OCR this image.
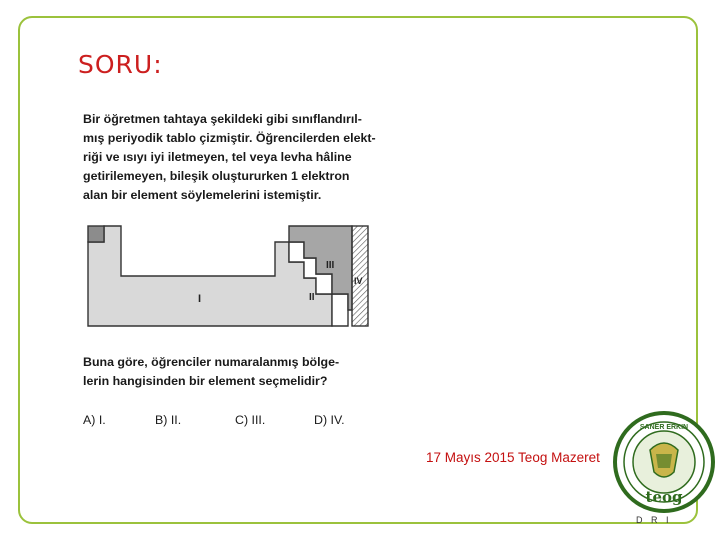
SORU:
Bir öğretmen tahtaya şekildeki gibi sınıflandırıl-
mış periyodik tablo çizmiştir. Öğrencilerden elekt-
riği ve ısıyı iyi iletmeyen, tel veya levha hâline
getirilemeyen, bileşik oluştururken 1 elektron
alan bir element söylemelerini istemiştir.
I	II
III
IV
Buna göre, öğrenciler numaralanmış bölge-
lerin hangisinden bir element seçmelidir?
A) I.	B) II.	C) III.	D) IV.
17 Mayıs 2015 Teog Mazeret
SANER ERKIN
teog
D R I
